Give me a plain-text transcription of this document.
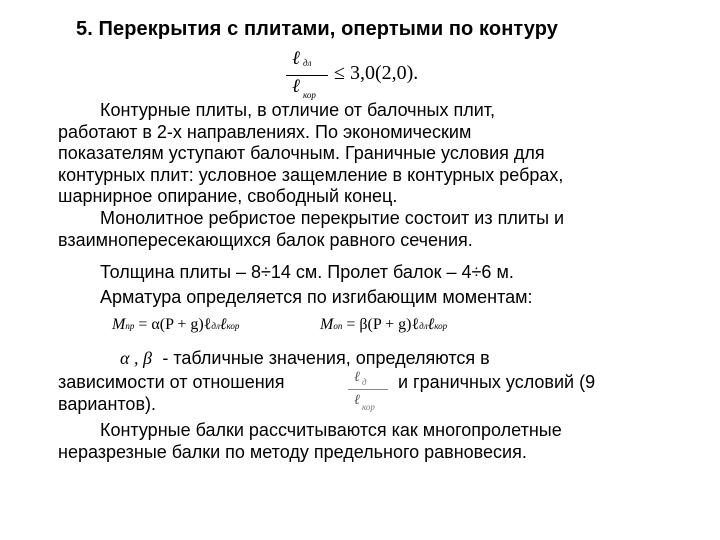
5. Перекрытия с плитами, опертыми по контуру
ℓ дл
ℓ кор
≤ 3,0(2,0).
Контурные плиты, в отличие от балочных плит,
работают в 2-х направлениях. По экономическим
показателям уступают балочным. Граничные условия для
контурных плит: условное защемление в контурных ребрах,
шарнирное опирание, свободный конец.
Монолитное ребристое перекрытие состоит из плиты и
взаимнопересекающихся балок равного сечения.
Толщина плиты – 8÷14 см. Пролет балок – 4÷6 м.
Арматура определяется по изгибающим моментам:
Mпр = α(P + g)ℓдлℓкор	Mоп = β(P + g)ℓдлℓкор
α , β - табличные значения, определяются в
зависимости от отношения	ℓ д
ℓ кор
и граничных условий (9
вариантов).
Контурные балки рассчитываются как многопролетные
неразрезные балки по методу предельного равновесия.
